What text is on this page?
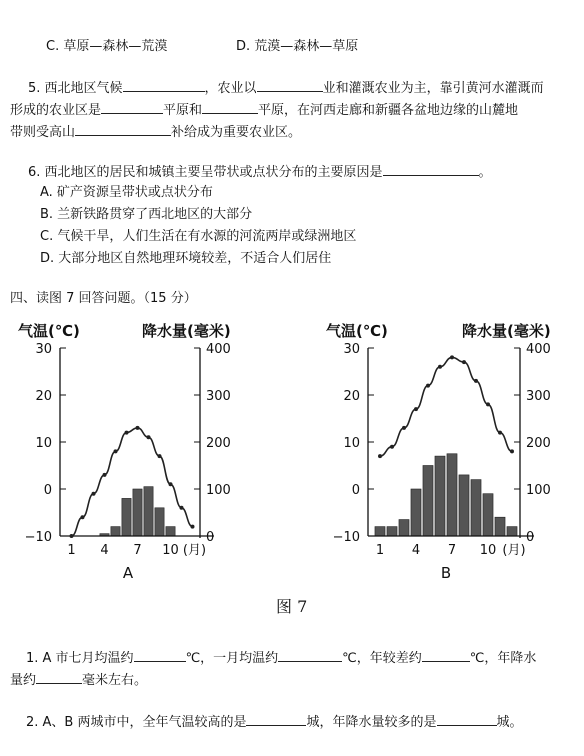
C. 草原—森林—荒漠	D. 荒漠—森林—草原
5. 西北地区气候	，农业以	业和灌溉农业为主，靠引黄河水灌溉而
形成的农业区是	平原和	平原，在河西走廊和新疆各盆地边缘的山麓地
带则受高山	补给成为重要农业区。
6. 西北地区的居民和城镇主要呈带状或点状分布的主要原因是	。
A. 矿产资源呈带状或点状分布
B. 兰新铁路贯穿了西北地区的大部分
C. 气候干旱，人们生活在有水源的河流两岸或绿洲地区
D. 大部分地区自然地理环境较差，不适合人们居住
四、读图 7 回答问题。（15 分）
气温(℃)	降水量(毫米)
30
20
10
0
−10
400
300
200
100
0
1 4 7 10 (月)
A
气温(℃)	降水量(毫米)
30
20
10
0
−10
400
300
200
100
0
1 4 7 10 (月)
B
图 7
1. A 市七月均温约	℃，一月均温约	℃，年较差约	℃，年降水
量约	毫米左右。
2. A、B 两城市中，全年气温较高的是	城，年降水量较多的是	城。
